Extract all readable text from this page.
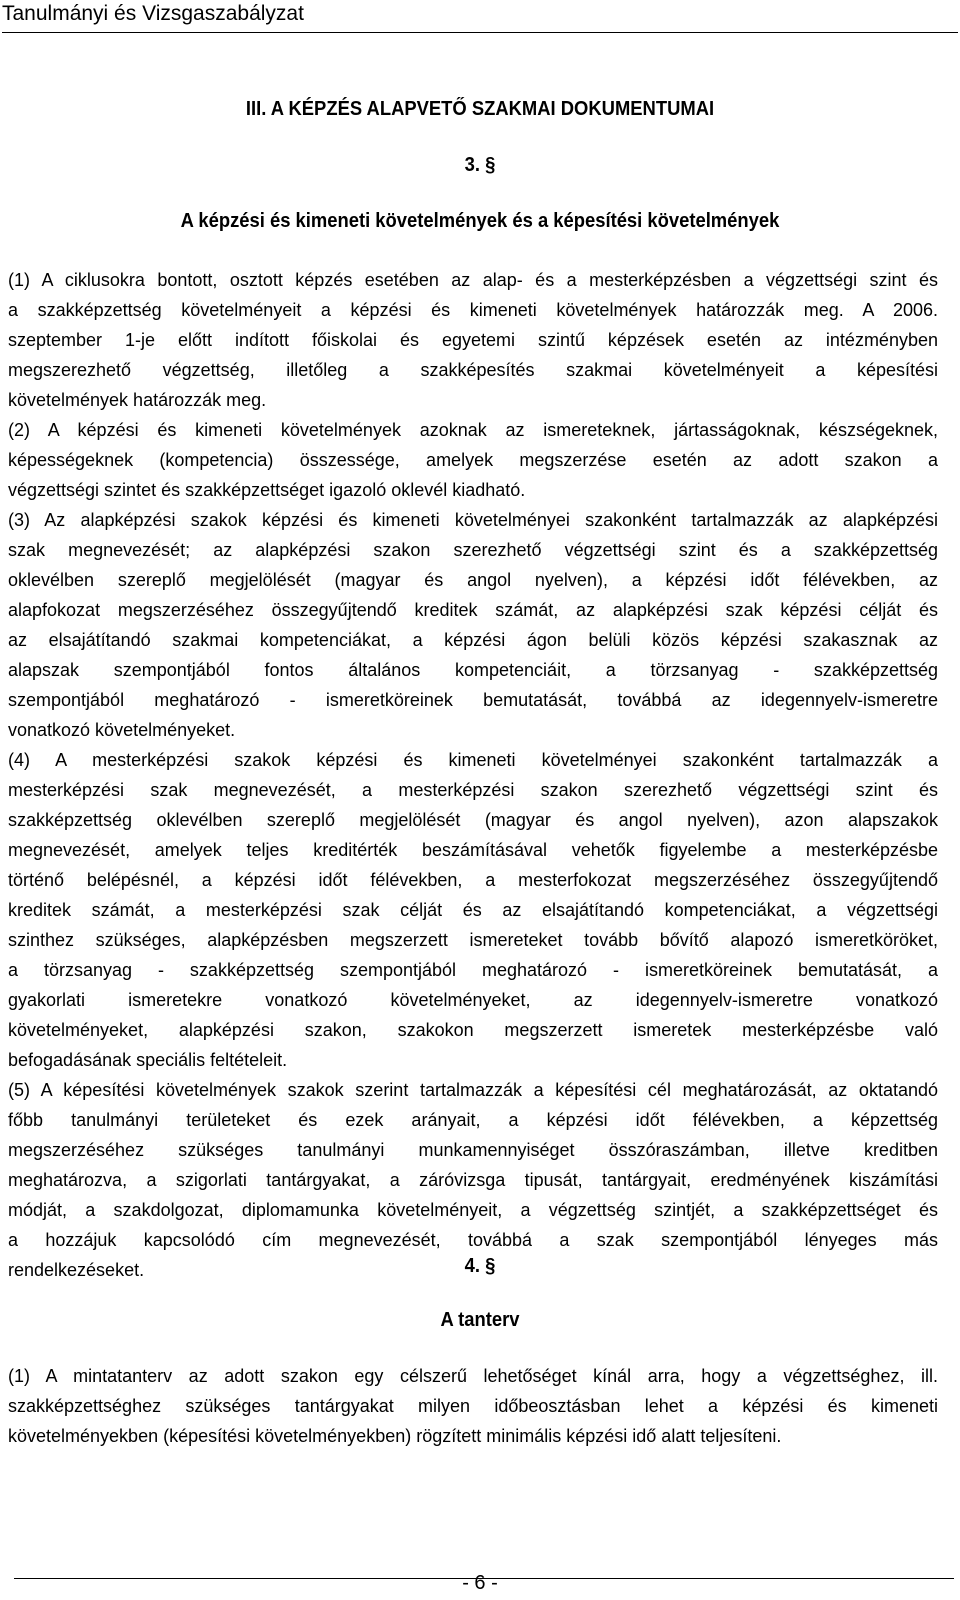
Tanulmányi és Vizsgaszabályzat
III. A KÉPZÉS ALAPVETŐ SZAKMAI DOKUMENTUMAI
3. §
A képzési és kimeneti követelmények és a képesítési követelmények
(1) A ciklusokra bontott, osztott képzés esetében az alap- és a mesterképzésben a végzettségi szint és
a szakképzettség követelményeit a képzési és kimeneti követelmények határozzák meg. A 2006.
szeptember 1-je előtt indított főiskolai és egyetemi szintű képzések esetén az intézményben
megszerezhető végzettség, illetőleg a szakképesítés szakmai követelményeit a képesítési
követelmények határozzák meg.
(2) A képzési és kimeneti követelmények azoknak az ismereteknek, jártasságoknak, készségeknek,
képességeknek (kompetencia) összessége, amelyek megszerzése esetén az adott szakon a
végzettségi szintet és szakképzettséget igazoló oklevél kiadható.
(3) Az alapképzési szakok képzési és kimeneti követelményei szakonként tartalmazzák az alapképzési
szak megnevezését; az alapképzési szakon szerezhető végzettségi szint és a szakképzettség
oklevélben szereplő megjelölését (magyar és angol nyelven), a képzési időt félévekben, az
alapfokozat megszerzéséhez összegyűjtendő kreditek számát, az alapképzési szak képzési célját és
az elsajátítandó szakmai kompetenciákat, a képzési ágon belüli közös képzési szakasznak az
alapszak szempontjából fontos általános kompetenciáit, a törzsanyag - szakképzettség
szempontjából meghatározó - ismeretköreinek bemutatását, továbbá az idegennyelv-ismeretre
vonatkozó követelményeket.
(4) A mesterképzési szakok képzési és kimeneti követelményei szakonként tartalmazzák a
mesterképzési szak megnevezését, a mesterképzési szakon szerezhető végzettségi szint és
szakképzettség oklevélben szereplő megjelölését (magyar és angol nyelven), azon alapszakok
megnevezését, amelyek teljes kreditérték beszámításával vehetők figyelembe a mesterképzésbe
történő belépésnél, a képzési időt félévekben, a mesterfokozat megszerzéséhez összegyűjtendő
kreditek számát, a mesterképzési szak célját és az elsajátítandó kompetenciákat, a végzettségi
szinthez szükséges, alapképzésben megszerzett ismereteket tovább bővítő alapozó ismeretköröket,
a törzsanyag - szakképzettség szempontjából meghatározó - ismeretköreinek bemutatását, a
gyakorlati ismeretekre vonatkozó követelményeket, az idegennyelv-ismeretre vonatkozó
követelményeket, alapképzési szakon, szakokon megszerzett ismeretek mesterképzésbe való
befogadásának speciális feltételeit.
(5) A képesítési követelmények szakok szerint tartalmazzák a képesítési cél meghatározását, az oktatandó
főbb tanulmányi területeket és ezek arányait, a képzési időt félévekben, a képzettség
megszerzéséhez szükséges tanulmányi munkamennyiséget összóraszámban, illetve kreditben
meghatározva, a szigorlati tantárgyakat, a záróvizsga tipusát, tantárgyait, eredményének kiszámítási
módját, a szakdolgozat, diplomamunka követelményeit, a végzettség szintjét, a szakképzettséget és
a hozzájuk kapcsolódó cím megnevezését, továbbá a szak szempontjából lényeges más
rendelkezéseket.	4. §
A tanterv
(1) A mintatanterv az adott szakon egy célszerű lehetőséget kínál arra, hogy a végzettséghez, ill.
szakképzettséghez szükséges tantárgyakat milyen időbeosztásban lehet a képzési és kimeneti
követelményekben (képesítési követelményekben) rögzített minimális képzési idő alatt teljesíteni.
- 6 -
